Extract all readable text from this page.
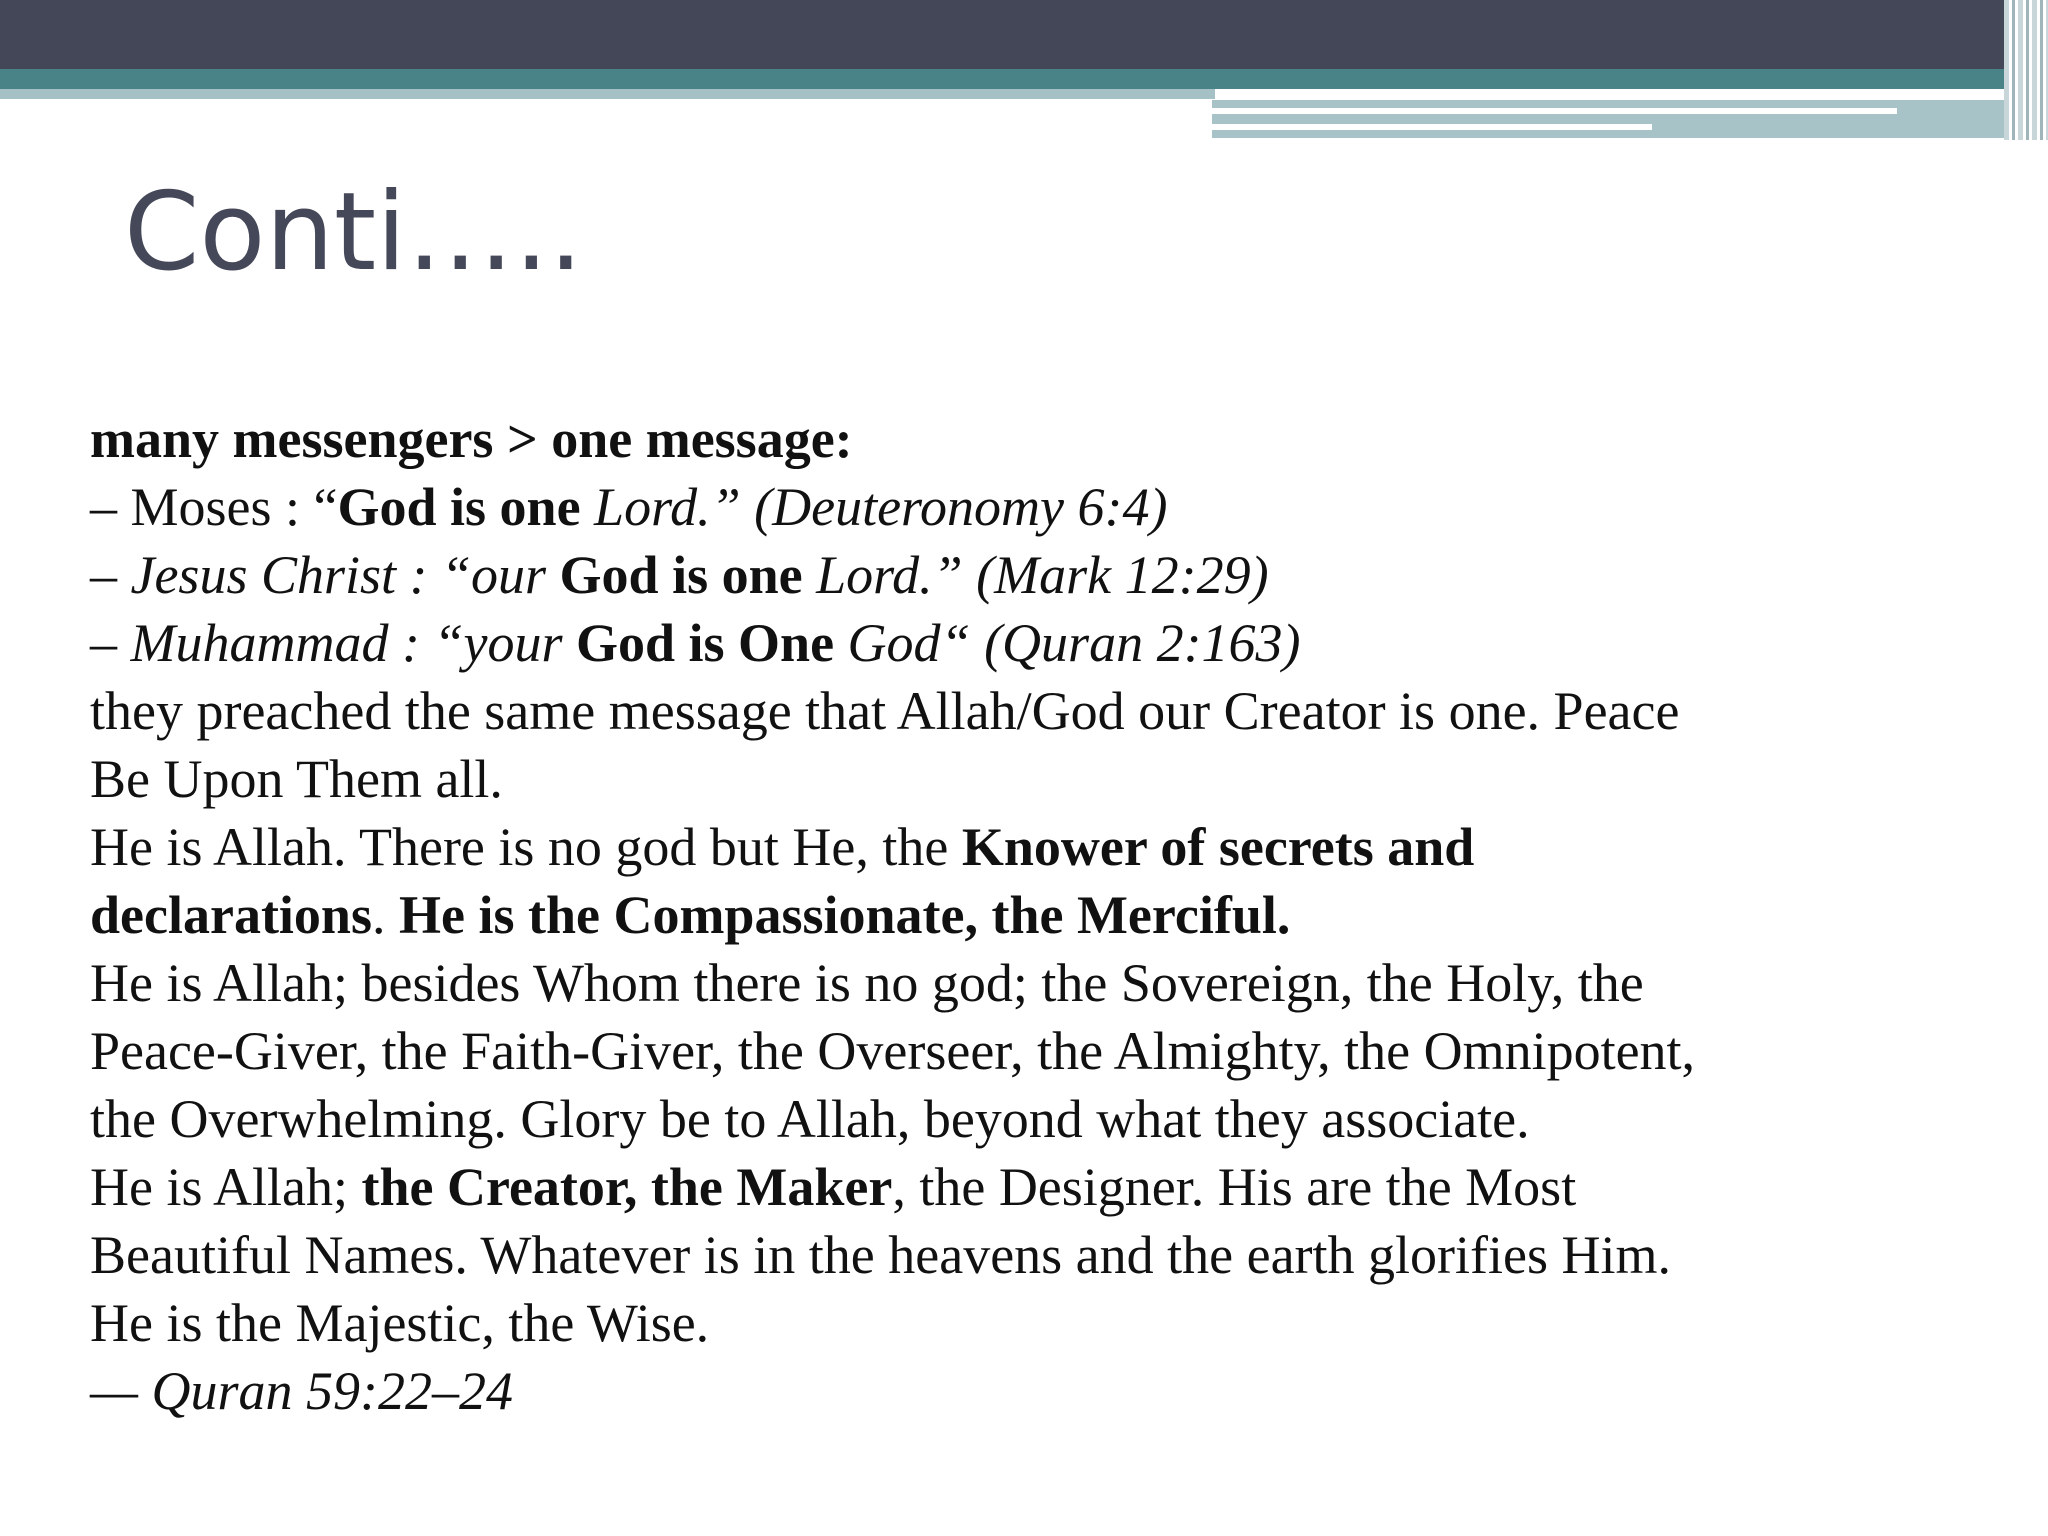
Conti…..
many messengers > one message:
– Moses : “God is one Lord.” (Deuteronomy 6:4)
– Jesus Christ : “our God is one Lord.” (Mark 12:29)
– Muhammad : “your God is One God“ (Quran 2:163)
they preached the same message that Allah/God our Creator is one. Peace
Be Upon Them all.
He is Allah. There is no god but He, the Knower of secrets and
declarations. He is the Compassionate, the Merciful.
He is Allah; besides Whom there is no god; the Sovereign, the Holy, the
Peace-Giver, the Faith-Giver, the Overseer, the Almighty, the Omnipotent,
the Overwhelming. Glory be to Allah, beyond what they associate.
He is Allah; the Creator, the Maker, the Designer. His are the Most
Beautiful Names. Whatever is in the heavens and the earth glorifies Him.
He is the Majestic, the Wise.
— Quran 59:22–24
